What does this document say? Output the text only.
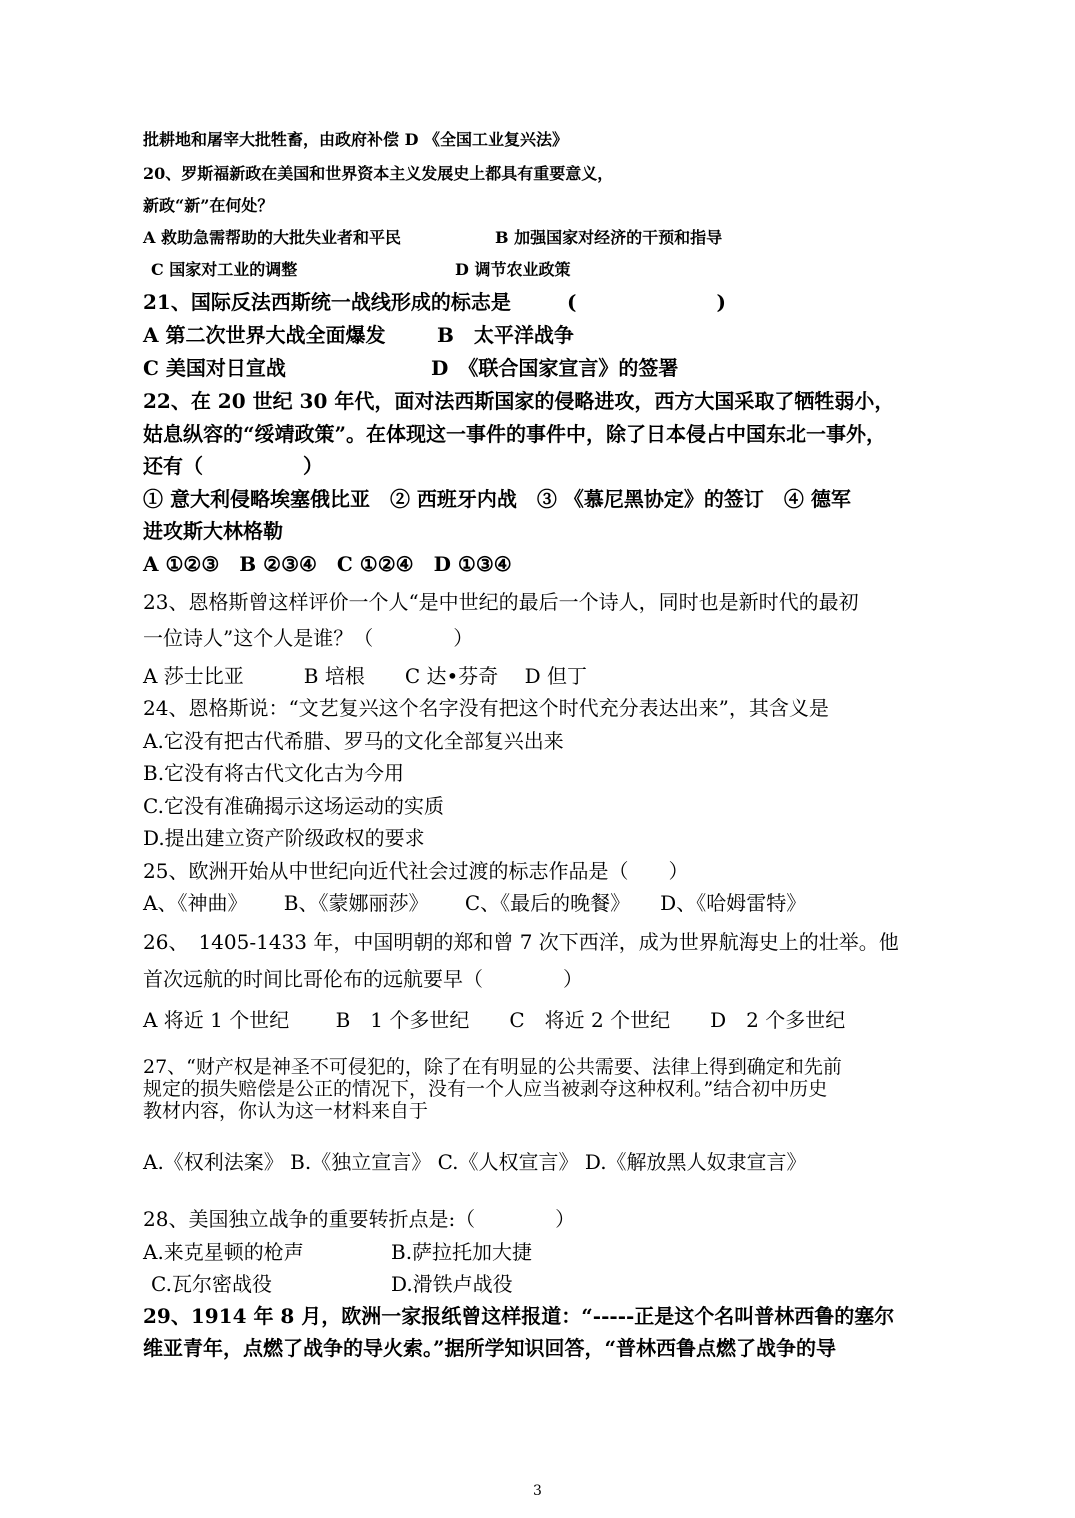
批耕地和屠宰大批牲畜，由政府补偿 D 《全国工业复兴法》
20、罗斯福新政在美国和世界资本主义发展史上都具有重要意义，
新政“新”在何处？
A 救助急需帮助的大批失业者和平民	B 加强国家对经济的干预和指导
C 国家对工业的调整	D 调节农业政策
21、国际反法西斯统一战线形成的标志是	(　　　　　　　)
A 第二次世界大战全面爆发	B　太平洋战争
C 美国对日宣战	D　《联合国家宣言》的签署
22、在 20 世纪 30 年代，面对法西斯国家的侵略进攻，西方大国采取了牺牲弱小，
姑息纵容的“绥靖政策”。在体现这一事件的事件中，除了日本侵占中国东北一事外，
还有（　　　　　）
① 意大利侵略埃塞俄比亚　② 西班牙内战　③ 《慕尼黑协定》的签订　④ 德军
进攻斯大林格勒
A ①②③　B ②③④　C ①②④　D ①③④
23、恩格斯曾这样评价一个人“是中世纪的最后一个诗人，同时也是新时代的最初
一位诗人”这个人是谁？（　　　　）
A 莎士比亚　　　B 培根　　C 达•芬奇　 D 但丁
24、恩格斯说：“文艺复兴这个名字没有把这个时代充分表达出来”，其含义是
A.它没有把古代希腊、罗马的文化全部复兴出来
B.它没有将古代文化古为今用
C.它没有准确揭示这场运动的实质
D.提出建立资产阶级政权的要求
25、欧洲开始从中世纪向近代社会过渡的标志作品是（　　）
A、《神曲》　　 B、《蒙娜丽莎》　　 C、《最后的晚餐》　　D、《哈姆雷特》
26、　1405-1433 年，中国明朝的郑和曾 7 次下西洋，成为世界航海史上的壮举。他
首次远航的时间比哥伦布的远航要早（　　　　）
A 将近 1 个世纪　　 B　1 个多世纪　　C　将近 2 个世纪　　D　2 个多世纪
27、“财产权是神圣不可侵犯的，除了在有明显的公共需要、法律上得到确定和先前
规定的损失赔偿是公正的情况下，没有一个人应当被剥夺这种权利。”结合初中历史
教材内容，你认为这一材料来自于
A.《权利法案》 B.《独立宣言》 C.《人权宣言》 D.《解放黑人奴隶宣言》
28、美国独立战争的重要转折点是:（　　　　）
A.来克星顿的枪声	B.萨拉托加大捷
C.瓦尔密战役	D.滑铁卢战役
29、1914 年 8 月，欧洲一家报纸曾这样报道：“-----正是这个名叫普林西鲁的塞尔
维亚青年，点燃了战争的导火索。”据所学知识回答，“普林西鲁点燃了战争的导
3
